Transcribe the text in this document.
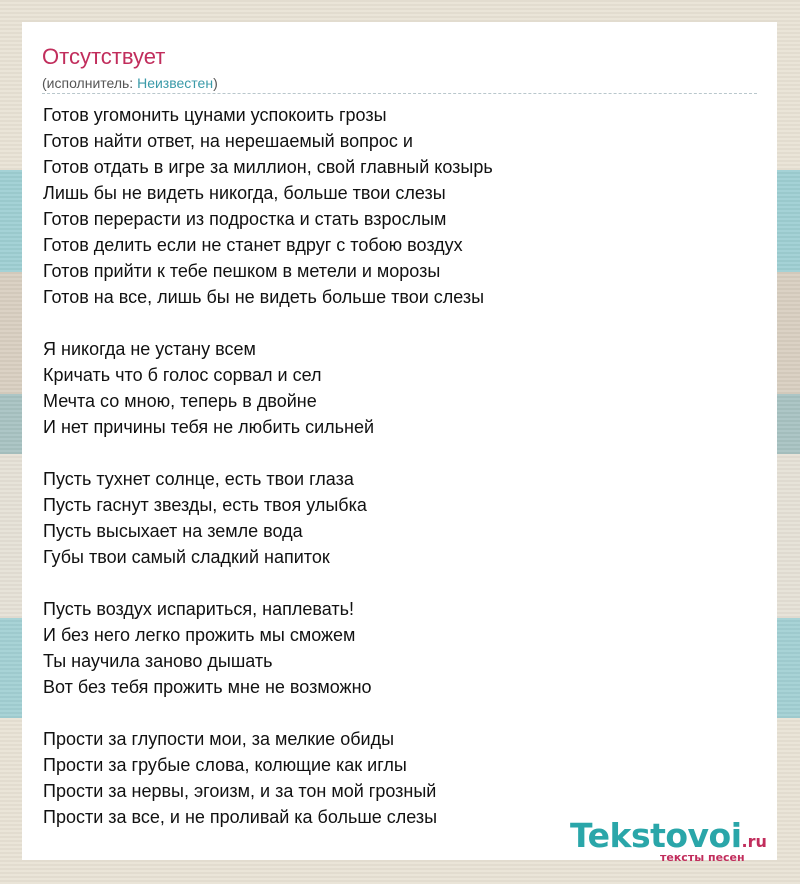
Отсутствует
(исполнитель: Неизвестен)
Готов угомонить цунами успокоить грозы
Готов найти ответ, на нерешаемый вопрос и
Готов отдать в игре за миллион, свой главный козырь
Лишь бы не видеть никогда, больше твои слезы
Готов перерасти из подростка и стать взрослым
Готов делить если не станет вдруг с тобою воздух
Готов прийти к тебе пешком в метели и морозы
Готов на все, лишь бы не видеть больше твои слезы
Я никогда не устану всем
Кричать что б голос сорвал и сел
Мечта со мною, теперь в двойне
И нет причины тебя не любить сильней
Пусть тухнет солнце, есть твои глаза
Пусть гаснут звезды, есть твоя улыбка
Пусть высыхает на земле вода
Губы твои самый сладкий напиток
Пусть воздух испариться, наплевать!
И без него легко прожить мы сможем
Ты научила заново дышать
Вот без тебя прожить мне не возможно
Прости за глупости мои, за мелкие обиды
Прости за грубые слова, колющие как иглы
Прости за нервы, эгоизм, и за тон мой грозный
Прости за все, и не проливай ка больше слезы	Tekstovoi.ru
тексты песен
